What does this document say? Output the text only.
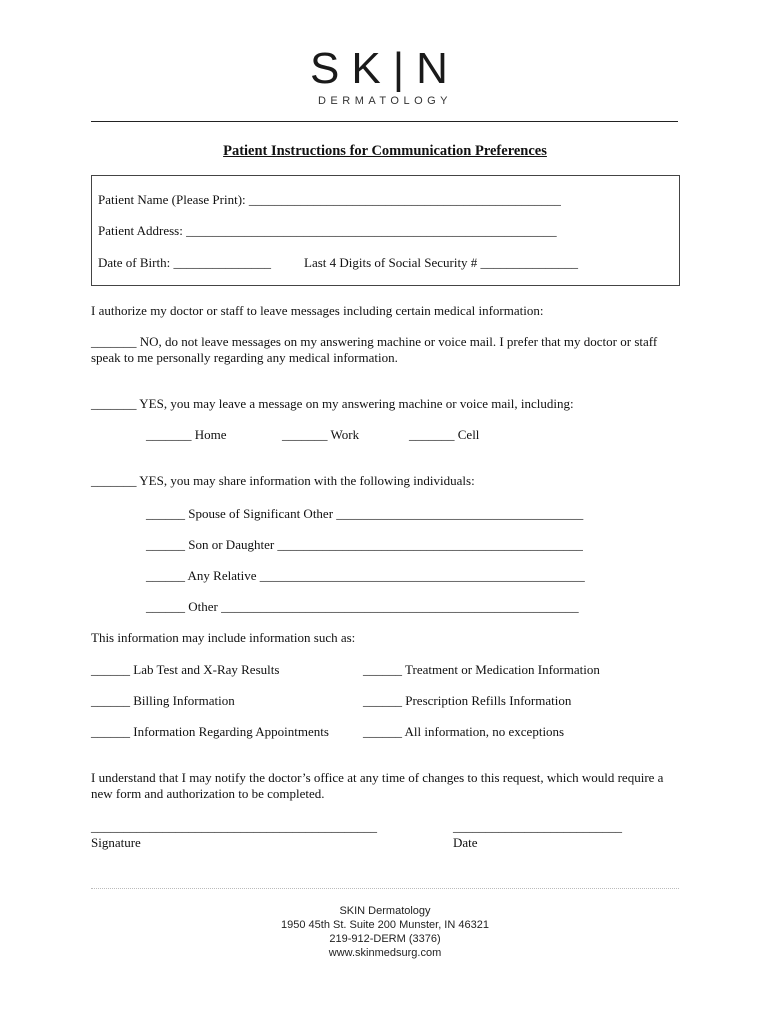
SK|N
DERMATOLOGY
Patient Instructions for Communication Preferences
Patient Name (Please Print): ________________________________________________
Patient Address: _________________________________________________________
Date of Birth: _______________	Last 4 Digits of Social Security # _______________
I authorize my doctor or staff to leave messages including certain medical information:
_______ NO, do not leave messages on my answering machine or voice mail. I prefer that my doctor or staff speak to me personally regarding any medical information.
_______ YES, you may leave a message on my answering machine or voice mail, including:
_______ Home	_______ Work	_______ Cell
_______ YES, you may share information with the following individuals:
______ Spouse of Significant Other ______________________________________
______ Son or Daughter _______________________________________________
______ Any Relative __________________________________________________
______ Other _______________________________________________________
This information may include information such as:
______ Lab Test and X-Ray Results	______ Treatment or Medication Information
______ Billing Information	______ Prescription Refills Information
______ Information Regarding Appointments	______ All information, no exceptions
I understand that I may notify the doctor’s office at any time of changes to this request, which would require a new form and authorization to be completed.
____________________________________________
Signature
__________________________
Date
SKIN Dermatology
1950 45th St. Suite 200 Munster, IN 46321
219-912-DERM (3376)
www.skinmedsurg.com
